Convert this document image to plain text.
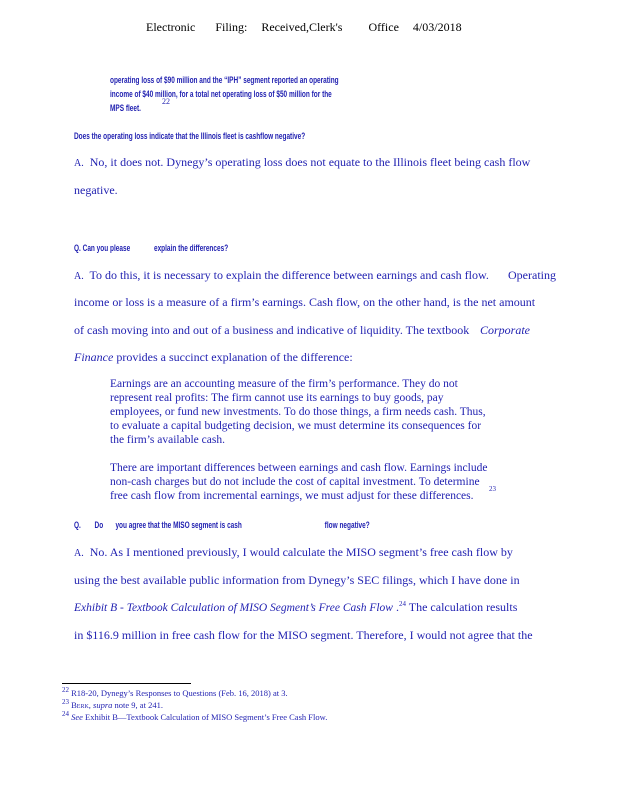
Electronic Filing: Received,Clerk's Office 4/03/2018
operating loss of $90 million and the “IPH” segment reported an operating
income of $40 million, for a total net operating loss of $50 million for the
MPS fleet.
22
Does the operating loss indicate that the Illinois fleet is cashflow negative?
A. No, it does not. Dynegy’s operating loss does not equate to the Illinois fleet being cash flow
negative.
Q. Can you please	explain the differences?
A. To do this, it is necessary to explain the difference between earnings and cash flow. Operating
income or loss is a measure of a firm’s earnings. Cash flow, on the other hand, is the net amount
of cash moving into and out of a business and indicative of liquidity. The textbook Corporate
Finance provides a succinct explanation of the difference:
Earnings are an accounting measure of the firm’s performance. They do not
represent real profits: The firm cannot use its earnings to buy goods, pay
employees, or fund new investments. To do those things, a firm needs cash. Thus,
to evaluate a capital budgeting decision, we must determine its consequences for
the firm’s available cash.
There are important differences between earnings and cash flow. Earnings include
non-cash charges but do not include the cost of capital investment. To determine
free cash flow from incremental earnings, we must adjust for these differences.
23
Q. Do you agree that the MISO segment is cash	flow negative?
A. No. As I mentioned previously, I would calculate the MISO segment’s free cash flow by
using the best available public information from Dynegy’s SEC filings, which I have done in
Exhibit B - Textbook Calculation of MISO Segment’s Free Cash Flow .$^{24}$ The calculation results
in $116.9 million in free cash flow for the MISO segment. Therefore, I would not agree that the
$^{22}$ R18-20, Dynegy’s Responses to Questions (Feb. 16, 2018) at 3.
$^{23}$ Berk, supra note 9, at 241.
$^{24}$ See Exhibit B—Textbook Calculation of MISO Segment’s Free Cash Flow.
